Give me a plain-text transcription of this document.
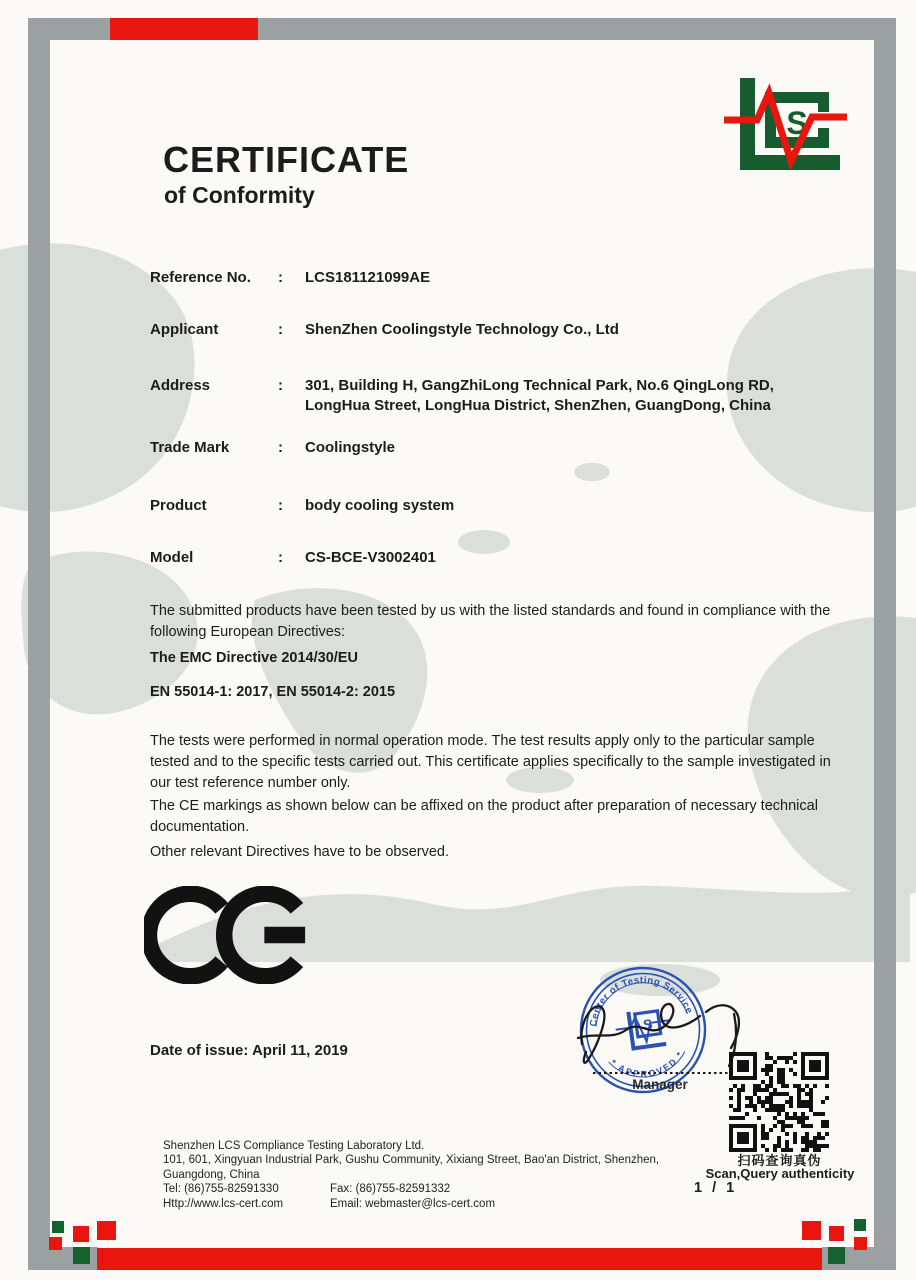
S
CERTIFICATE
of Conformity
Reference No.	: LCS181121099AE
Applicant	: ShenZhen Coolingstyle Technology Co., Ltd
Address	: 301, Building H, GangZhiLong Technical Park, No.6 QingLong RD, LongHua Street, LongHua District, ShenZhen, GuangDong, China
Trade Mark	: Coolingstyle
Product	: body cooling system
Model	: CS-BCE-V3002401
The submitted products have been tested by us with the listed standards and found in compliance with the following European Directives:
The EMC Directive 2014/30/EU
EN 55014-1: 2017, EN 55014-2: 2015
The tests were performed in normal operation mode. The test results apply only to the particular sample tested and to the specific tests carried out. This certificate applies specifically to the sample investigated in our test reference number only.
The CE markings as shown below can be affixed on the product after preparation of necessary technical documentation.
Other relevant Directives have to be observed.
Date of issue: April 11, 2019
Center of Testing Service
* APPROVED *
S
Manager
扫码查询真伪
Scan,Query authenticity
1 / 1
Shenzhen LCS Compliance Testing Laboratory Ltd.
101, 601, Xingyuan Industrial Park, Gushu Community, Xixiang Street, Bao'an District, Shenzhen,
Guangdong, China
Tel: (86)755-82591330	Fax: (86)755-82591332
Http://www.lcs-cert.com	Email: webmaster@lcs-cert.com
